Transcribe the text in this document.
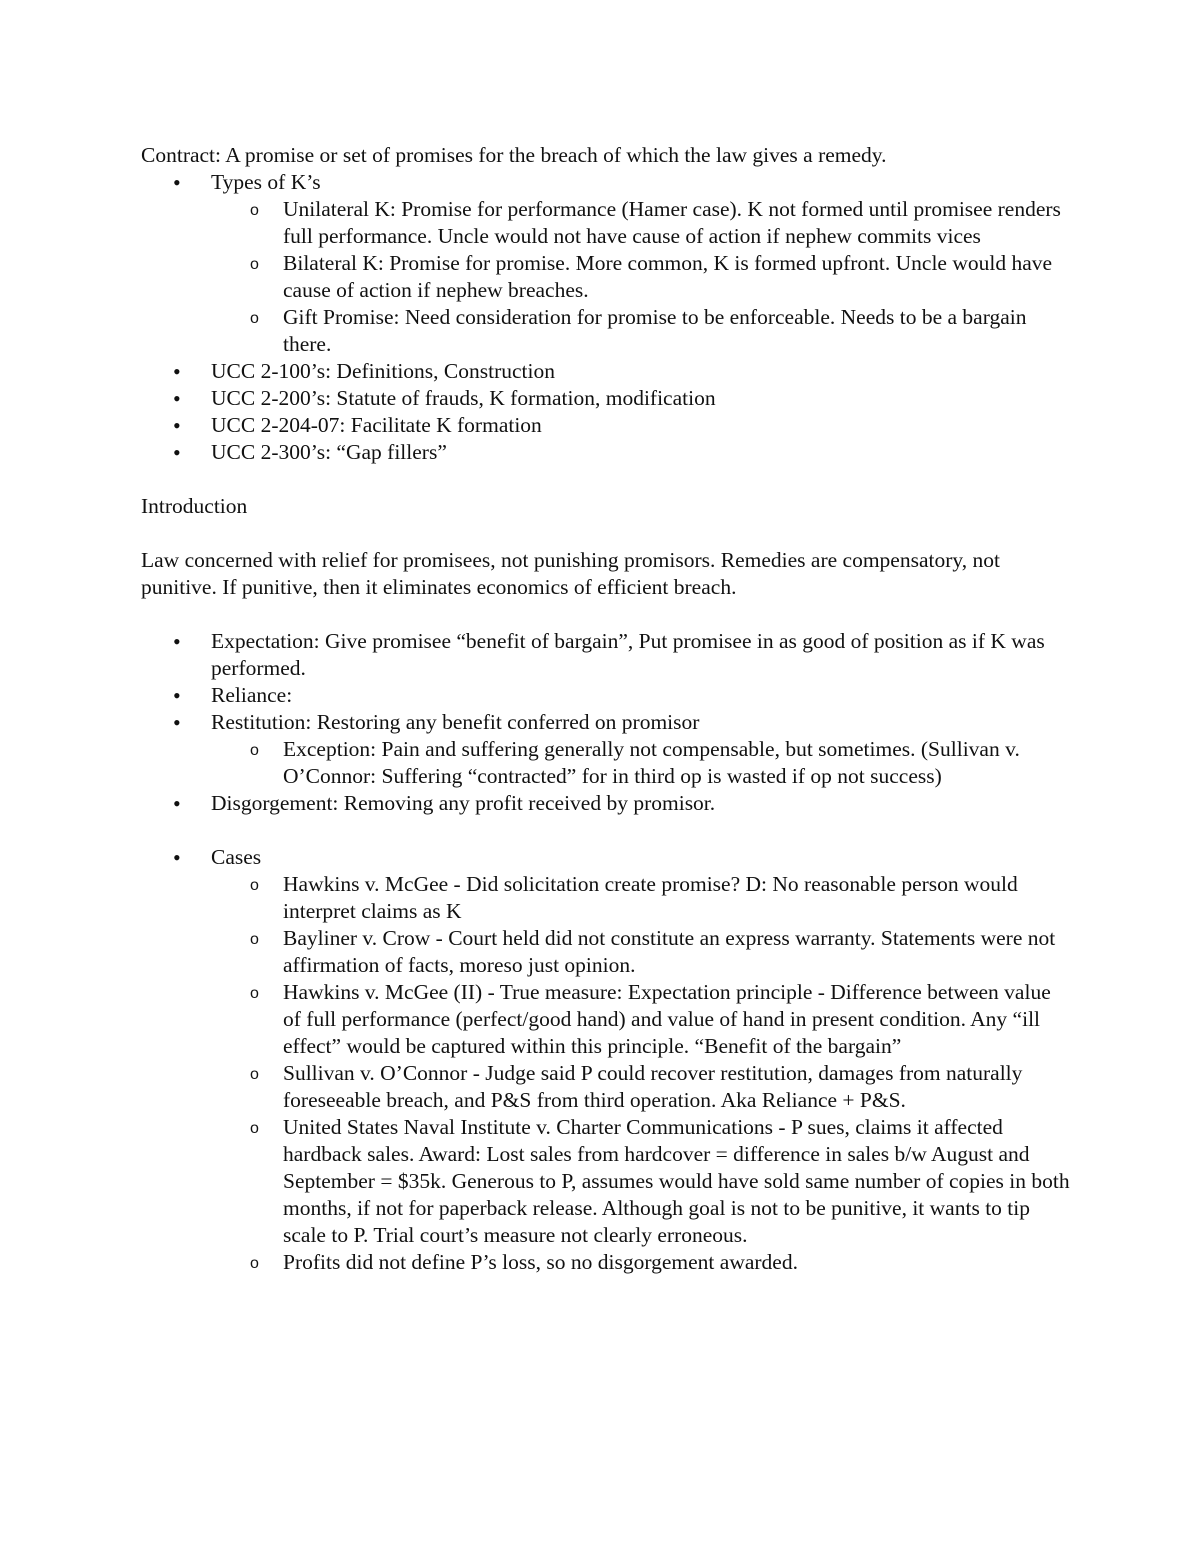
Contract: A promise or set of promises for the breach of which the law gives a remedy.

• Types of K’s
o Unilateral K: Promise for performance (Hamer case). K not formed until promisee renders full performance. Uncle would not have cause of action if nephew commits vices
o Bilateral K: Promise for promise. More common, K is formed upfront. Uncle would have cause of action if nephew breaches.
o Gift Promise: Need consideration for promise to be enforceable. Needs to be a bargain there.
• UCC 2-100’s: Definitions, Construction
• UCC 2-200’s: Statute of frauds, K formation, modification
• UCC 2-204-07: Facilitate K formation
• UCC 2-300’s: “Gap fillers”

Introduction

Law concerned with relief for promisees, not punishing promisors. Remedies are compensatory, not punitive. If punitive, then it eliminates economics of efficient breach.

• Expectation: Give promisee “benefit of bargain”, Put promisee in as good of position as if K was performed.
• Reliance:
• Restitution: Restoring any benefit conferred on promisor
o Exception: Pain and suffering generally not compensable, but sometimes. (Sullivan v. O’Connor: Suffering “contracted” for in third op is wasted if op not success)
• Disgorgement: Removing any profit received by promisor.
• Cases
o Hawkins v. McGee - Did solicitation create promise? D: No reasonable person would interpret claims as K
o Bayliner v. Crow - Court held did not constitute an express warranty. Statements were not affirmation of facts, moreso just opinion.
o Hawkins v. McGee (II) - True measure: Expectation principle - Difference between value of full performance (perfect/good hand) and value of hand in present condition. Any “ill effect” would be captured within this principle. “Benefit of the bargain”
o Sullivan v. O’Connor - Judge said P could recover restitution, damages from naturally foreseeable breach, and P&S from third operation. Aka Reliance + P&S.
o United States Naval Institute v. Charter Communications - P sues, claims it affected hardback sales. Award: Lost sales from hardcover = difference in sales b/w August and September = $35k. Generous to P, assumes would have sold same number of copies in both months, if not for paperback release. Although goal is not to be punitive, it wants to tip scale to P. Trial court’s measure not clearly erroneous.
o Profits did not define P’s loss, so no disgorgement awarded.
